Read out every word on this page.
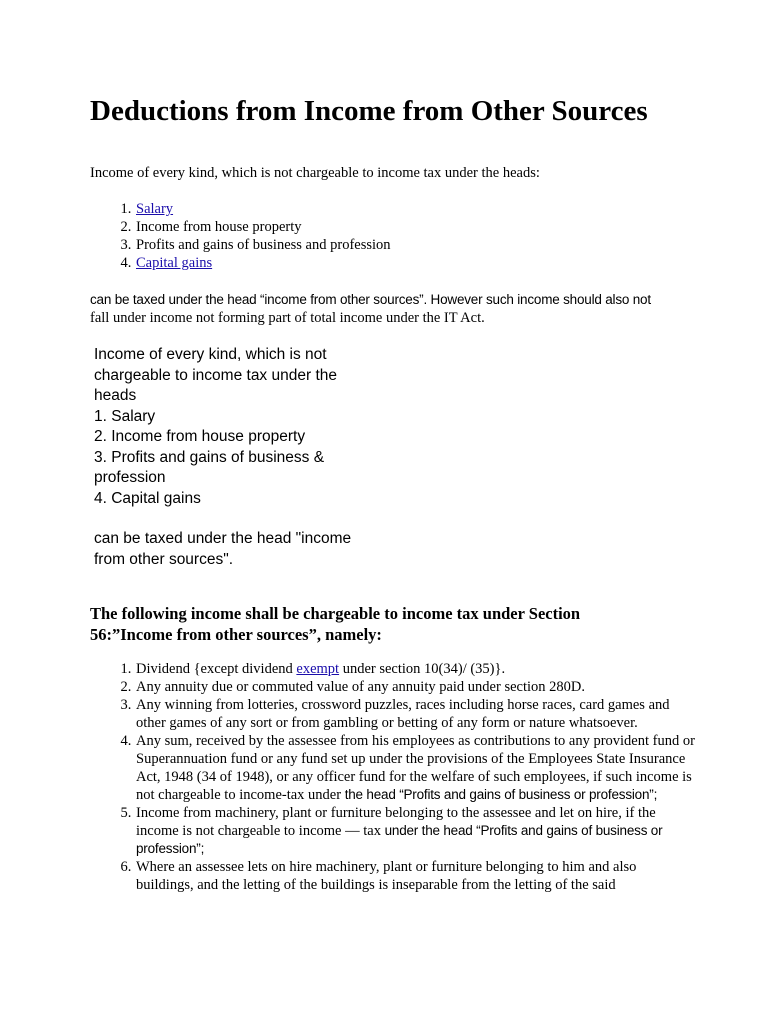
Deductions from Income from Other Sources

Income of every kind, which is not chargeable to income tax under the heads:

1. Salary
2. Income from house property
3. Profits and gains of business and profession
4. Capital gains

can be taxed under the head “income from other sources”. However such income should also not
fall under income not forming part of total income under the IT Act.

Income of every kind, which is not
chargeable to income tax under the
heads
1. Salary
2. Income from house property
3. Profits and gains of business &
profession
4. Capital gains
can be taxed under the head "income
from other sources".

The following income shall be chargeable to income tax under Section 56:”Income from other sources”, namely:

1. Dividend {except dividend exempt under section 10(34)/ (35)}.
2. Any annuity due or commuted value of any annuity paid under section 280D.
3. Any winning from lotteries, crossword puzzles, races including horse races, card games and other games of any sort or from gambling or betting of any form or nature whatsoever.
4. Any sum, received by the assessee from his employees as contributions to any provident fund or Superannuation fund or any fund set up under the provisions of the Employees State Insurance Act, 1948 (34 of 1948), or any officer fund for the welfare of such employees, if such income is not chargeable to income-tax under the head “Profits and gains of business or profession”;
5. Income from machinery, plant or furniture belonging to the assessee and let on hire, if the income is not chargeable to income — tax under the head “Profits and gains of business or profession”;
6. Where an assessee lets on hire machinery, plant or furniture belonging to him and also buildings, and the letting of the buildings is inseparable from the letting of the said
